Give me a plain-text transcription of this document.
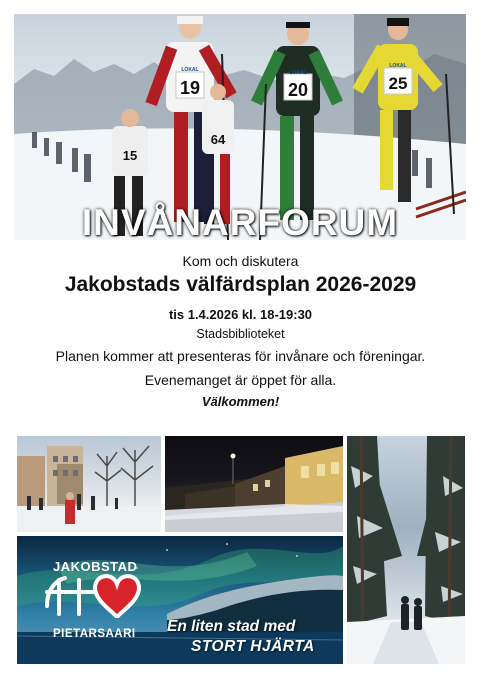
19	20	25
64
15
LOKAL	LOKAL
LOKAL
INVÅNARFORUM
Kom och diskutera
Jakobstads välfärdsplan 2026-2029
tis 1.4.2026 kl. 18-19:30
Stadsbiblioteket
Planen kommer att presenteras för invånare och föreningar.
Evenemanget är öppet för alla.
Välkommen!
JAKOBSTAD
PIETARSAARI En liten stad med
STORT HJÄRTA
